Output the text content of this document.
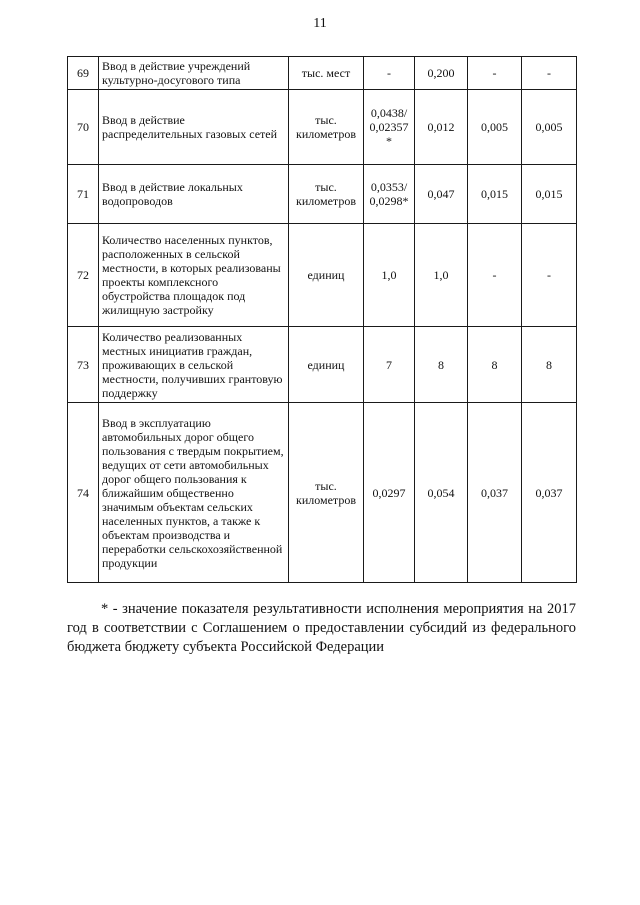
11
69	Ввод в действие учреждений культурно-досугового типа	тыс. мест	-	0,200	-	-
70	Ввод в действие распределительных газовых сетей	тыс. километров	0,0438/ 0,02357 *	0,012	0,005	0,005
71	Ввод в действие локальных водопроводов	тыс. километров	0,0353/ 0,0298*	0,047	0,015	0,015
72	Количество населенных пунктов, расположенных в сельской местности, в которых реализованы проекты комплексного обустройства площадок под жилищную застройку	единиц	1,0	1,0	-	-
73	Количество реализованных местных инициатив граждан, проживающих в сельской местности, получивших грантовую поддержку	единиц	7	8	8	8
74	Ввод в эксплуатацию автомобильных дорог общего пользования с твердым покрытием, ведущих от сети автомобильных дорог общего пользования к ближайшим общественно значимым объектам сельских населенных пунктов, а также к объектам производства и переработки сельскохозяйственной продукции	тыс. километров	0,0297	0,054	0,037	0,037

* - значение показателя результативности исполнения мероприятия на 2017 год в соответствии с Соглашением о предоставлении субсидий из федерального бюджета бюджету субъекта Российской Федерации
